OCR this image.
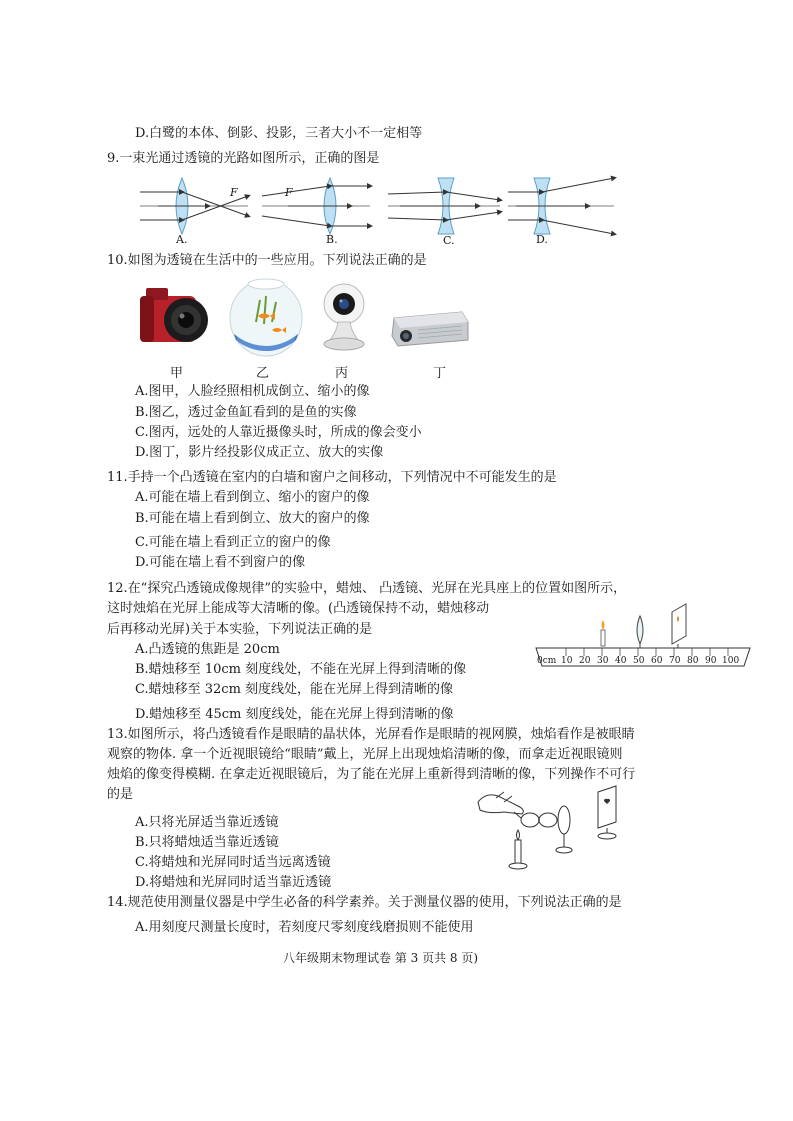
D.白鹭的本体、倒影、投影，三者大小不一定相等
9.一束光通过透镜的光路如图所示，正确的图是
F	F
A.	B.	C.	D.
10.如图为透镜在生活中的一些应用。下列说法正确的是
甲	乙	丙	丁
A.图甲，人脸经照相机成倒立、缩小的像
B.图乙，透过金鱼缸看到的是鱼的实像
C.图丙，远处的人靠近摄像头时，所成的像会变小
D.图丁，影片经投影仪成正立、放大的实像
11.手持一个凸透镜在室内的白墙和窗户之间移动，下列情况中不可能发生的是
A.可能在墙上看到倒立、缩小的窗户的像
B.可能在墙上看到倒立、放大的窗户的像
C.可能在墙上看到正立的窗户的像
D.可能在墙上看不到窗户的像
12.在“探究凸透镜成像规律”的实验中，蜡烛、 凸透镜、光屏在光具座上的位置如图所示，
这时烛焰在光屏上能成等大清晰的像。(凸透镜保持不动，蜡烛移动
后再移动光屏)关于本实验，下列说法正确的是
0cm 10 20 30 40 50 60 70 80 90 100
A.凸透镜的焦距是 20cm
B.蜡烛移至 10cm 刻度线处，不能在光屏上得到清晰的像
C.蜡烛移至 32cm 刻度线处，能在光屏上得到清晰的像
D.蜡烛移至 45cm 刻度线处，能在光屏上得到清晰的像
13.如图所示，将凸透镜看作是眼睛的晶状体，光屏看作是眼睛的视网膜，烛焰看作是被眼睛
观察的物体. 拿一个近视眼镜给“眼睛”戴上，光屏上出现烛焰清晰的像，而拿走近视眼镜则
烛焰的像变得模糊. 在拿走近视眼镜后，为了能在光屏上重新得到清晰的像，下列操作不可行
的是
A.只将光屏适当靠近透镜
B.只将蜡烛适当靠近透镜
C.将蜡烛和光屏同时适当远离透镜
D.将蜡烛和光屏同时适当靠近透镜
14.规范使用测量仪器是中学生必备的科学素养。关于测量仪器的使用，下列说法正确的是
A.用刻度尺测量长度时，若刻度尺零刻度线磨损则不能使用
八年级期末物理试卷 第 3 页共 8 页)
